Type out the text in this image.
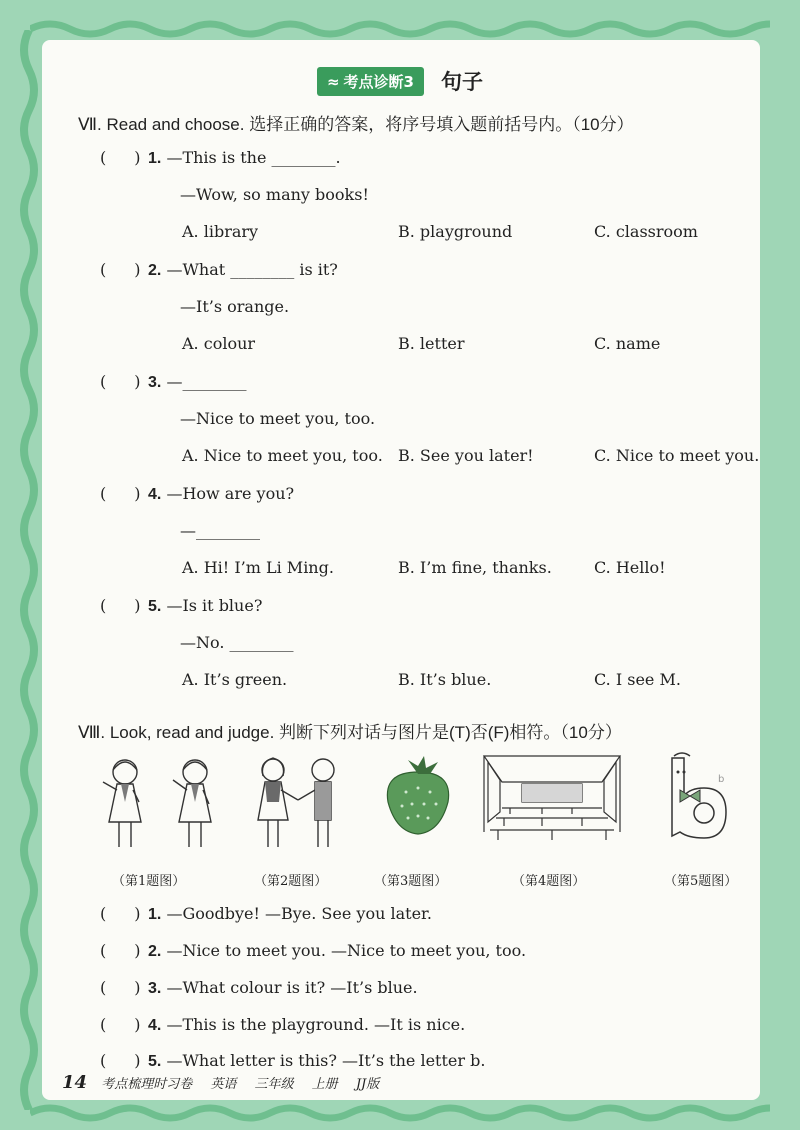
≈ 考点诊断3 句子
Ⅶ. Read and choose. 选择正确的答案，将序号填入题前括号内。（10分）
( ) 1. —This is the ________.
—Wow, so many books!
A. library	B. playground	C. classroom
( ) 2. —What ________ is it?
—It’s orange.
A. colour	B. letter	C. name
( ) 3. —________
—Nice to meet you, too.
A. Nice to meet you, too. B. See you later!	C. Nice to meet you.
( ) 4. —How are you?
—________
A. Hi! I’m Li Ming.	B. I’m fine, thanks.	C. Hello!
( ) 5. —Is it blue?
—No. ________
A. It’s green.	B. It’s blue.	C. I see M.
Ⅷ. Look, read and judge. 判断下列对话与图片是(T)否(F)相符。（10分）
b
（第1题图）	（第2题图）	（第3题图）	（第4题图）	（第5题图）
( ) 1. —Goodbye! —Bye. See you later.
( ) 2. —Nice to meet you. —Nice to meet you, too.
( ) 3. —What colour is it? —It’s blue.
( ) 4. —This is the playground. —It is nice.
( ) 5. —What letter is this? —It’s the letter b.
14 考点梳理时习卷 英语 三年级 上册 JJ版
